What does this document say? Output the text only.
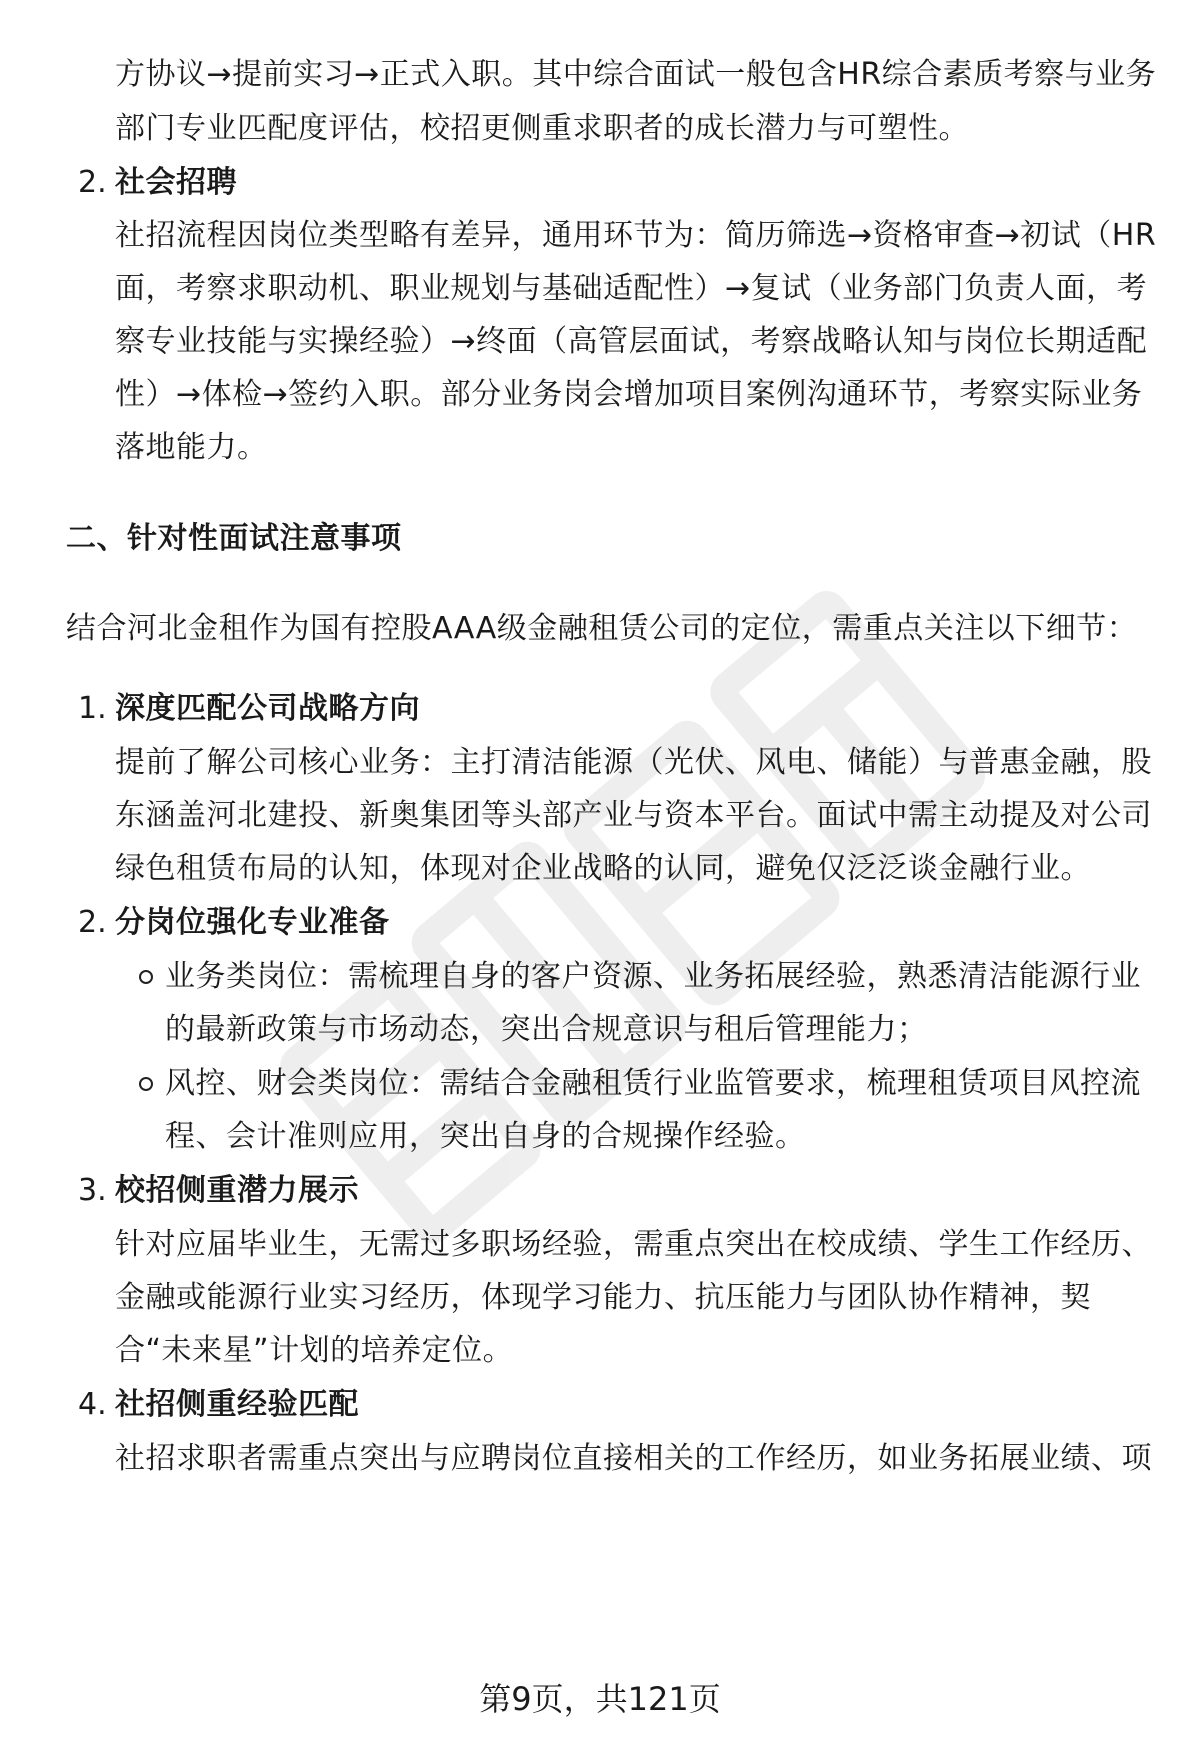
方协议→提前实习→正式入职。其中综合面试一般包含HR综合素质考察与业务
部门专业匹配度评估，校招更侧重求职者的成长潜力与可塑性。
2. 社会招聘
社招流程因岗位类型略有差异，通用环节为：简历筛选→资格审查→初试（HR
面，考察求职动机、职业规划与基础适配性）→复试（业务部门负责人面，考
察专业技能与实操经验）→终面（高管层面试，考察战略认知与岗位长期适配
性）→体检→签约入职。部分业务岗会增加项目案例沟通环节，考察实际业务
落地能力。
二、针对性面试注意事项
结合河北金租作为国有控股AAA级金融租赁公司的定位，需重点关注以下细节：
1. 深度匹配公司战略方向
提前了解公司核心业务：主打清洁能源（光伏、风电、储能）与普惠金融，股
东涵盖河北建投、新奥集团等头部产业与资本平台。面试中需主动提及对公司
绿色租赁布局的认知，体现对企业战略的认同，避免仅泛泛谈金融行业。
2. 分岗位强化专业准备
业务类岗位：需梳理自身的客户资源、业务拓展经验，熟悉清洁能源行业
的最新政策与市场动态，突出合规意识与租后管理能力；
风控、财会类岗位：需结合金融租赁行业监管要求，梳理租赁项目风控流
程、会计准则应用，突出自身的合规操作经验。
3. 校招侧重潜力展示
针对应届毕业生，无需过多职场经验，需重点突出在校成绩、学生工作经历、
金融或能源行业实习经历，体现学习能力、抗压能力与团队协作精神，契
合“未来星”计划的培养定位。
4. 社招侧重经验匹配
社招求职者需重点突出与应聘岗位直接相关的工作经历，如业务拓展业绩、项
第9页，共121页
